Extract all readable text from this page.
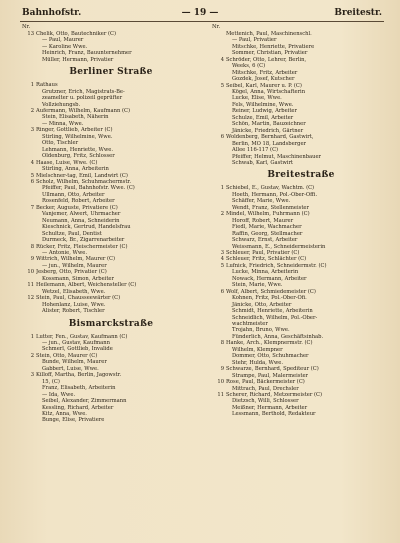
Bahnhofstr.	— 19 —	Breitestr.
Nr.
13 Chelik, Otto, Bautechniker (C)
— Paul, Maurer
— Karoline Wwe.
Heinrich, Franz, Bauunternehmer
Müller, Hermann, Privatier
Berliner Straße
1 Rathaus
Grutzner, Erich, Magistrats-Be-
zeamelter u. polizeil geprüfter
Vollziehungsb.
2 Aufermann, Wilhelm, Kaufmann (C)
Stein, Elisabeth, Näherin
— Minna, Wwe.
3 Ringer, Gottlieb, Arbeiter (C)
Stirling, Wilhelmine, Wwe.
Otto, Tischler
Lehmann, Henriette, Wwe.
Oldenburg, Fritz, Schlosser
4 Haase, Luise, Wwe. (C)
Stirling, Anna, Arbeiterin
5 Mielschner-tag, Emil, Landwirt (C)
6 Scholz, Wilhelm, Schuhmachermstr.
Pfeiffer, Paul, Bahnhofstr. Wwe. (C)
Ullmann, Otto, Arbeiter
Rosenfeld, Robert, Arbeiter
7 Becker, Auguste, Privatiere (C)
Vanjemer, Alwert, Uhrmacher
Neumann, Anna, Schneiderin
Kieschnick, Gertrud, Handelsfrau
Schultze, Paul, Dentist
Durmeck, Br., Zigarrenarbeiter
8 Rücker, Fritz, Fleischermeister (C)
— Antonie, Wwe.
9 Wittrich, Wilhelm, Maurer (C)
— jun., Wilhelm, Maurer
10 Jesberg, Otto, Privatier (C)
Kossmann, Simon, Arbeiter
11 Heilemann, Albert, Weichensteller (C)
Wetzel, Elisabeth, Wwe.
12 Stein, Paul, Chausseewärter (C)
Hohenlanz, Luise, Wwe.
Alister, Robert, Tischler
Bismarckstraße
1 Lutter, Fen., Gustav, Kaufmann (C)
— jun., Gustav, Kaufmann
Schmerl, Gottlieb, Invalide
2 Stein, Otto, Maurer (C)
Bunde, Wilhelm, Maurer
Gabbert, Luise, Wwe.
3 Killoff, Martha, Berlin, Jagowstr.
15, (C)
Franz, Elisabeth, Arbeiterin
— Ida, Wwe.
Seibel, Alexander, Zimmermann
Kessling, Richard, Arbeiter
Kitz, Anna, Wwe.
Bunge, Elise, Privatiere
Nr.
Mettenich, Paul, Maschinenschl.
— Paul, Privatier
Mitschke, Henriette, Privatiere
Sommer, Christian, Privatier
4 Schröder, Otto, Lehrer, Berlin,
Weeks, 6 (C)
Mitschke, Fritz, Arbeiter
Gozdek, Josef, Kutscher
5 Seibel, Karl, Maurer u. P. (C)
Kögel, Anna, Wirtschafterin
Lucke, Elise, Wwe.
Fels, Wilhelmine, Wwe.
Reiner, Ludwig, Arbeiter
Schulze, Emil, Arbeiter
Schön, Martin, Bauzeichner
Jänicke, Friedrich, Gärtner
6 Woldenberg, Bernhard, Gastwirt,
Berlin, MO 18, Landsberger
Allee 116-117 (C)
Pfeiffer, Helmut, Maschinenbauer
Schwab, Karl, Gastwirt
Breitestraße
1 Schiebel, E., Gustav, Wachtm. (C)
Hoeth, Hermann, Pol.-Ober-Offi.
Schäffer, Marie, Wwe.
Wendt, Franz, Stellenmeister
2 Mindel, Wilhelm, Fuhrmann (C)
Horoff, Robert, Maurer
Fiedl, Marie, Wachmacher
Raffin, Georg, Stellmacher
Schwarz, Ernst, Arbeiter
Weissmann, E., Schneidermeisterin
3 Schleuer, Paul, Privatier (C)
4 Schleuer, Fritz, Schlächter (C)
5 Lufnick, Friedrich, Schneidermstr. (C)
Lucke, Minna, Arbeiterin
Nowack, Hermann, Arbeiter
Stein, Marie, Wwe.
6 Wolf, Albert, Schmiedemeister (C)
Kohnen, Fritz, Pol.-Ober-Ofi.
Jänicke, Otto, Arbeiter
Schmidt, Henriette, Arbeiterin
Schneidlich, Wilhelm, Pol.-Ober-
wachtmeister
Trojahn, Bruno, Wwe.
Fünderlich, Anna, Geschäftsinhab.
8 Hanke, Arch., Klempnermstr. (C)
Wilhelm, Klempner
Dommer, Otto, Schuhmacher
Stehr, Hulda, Wwe.
9 Schwarze, Bernhard, Spediteur (C)
Strampe, Paul, Malermeister
10 Rose, Paul, Bäckermeister (C)
Mittrach, Paul, Drechsler
11 Scherer, Richard, Metzermeister (C)
Dietzsch, Willi, Schlosser
Meißner, Hermann, Arbeiter
Lessmann, Berthold, Redakteur
